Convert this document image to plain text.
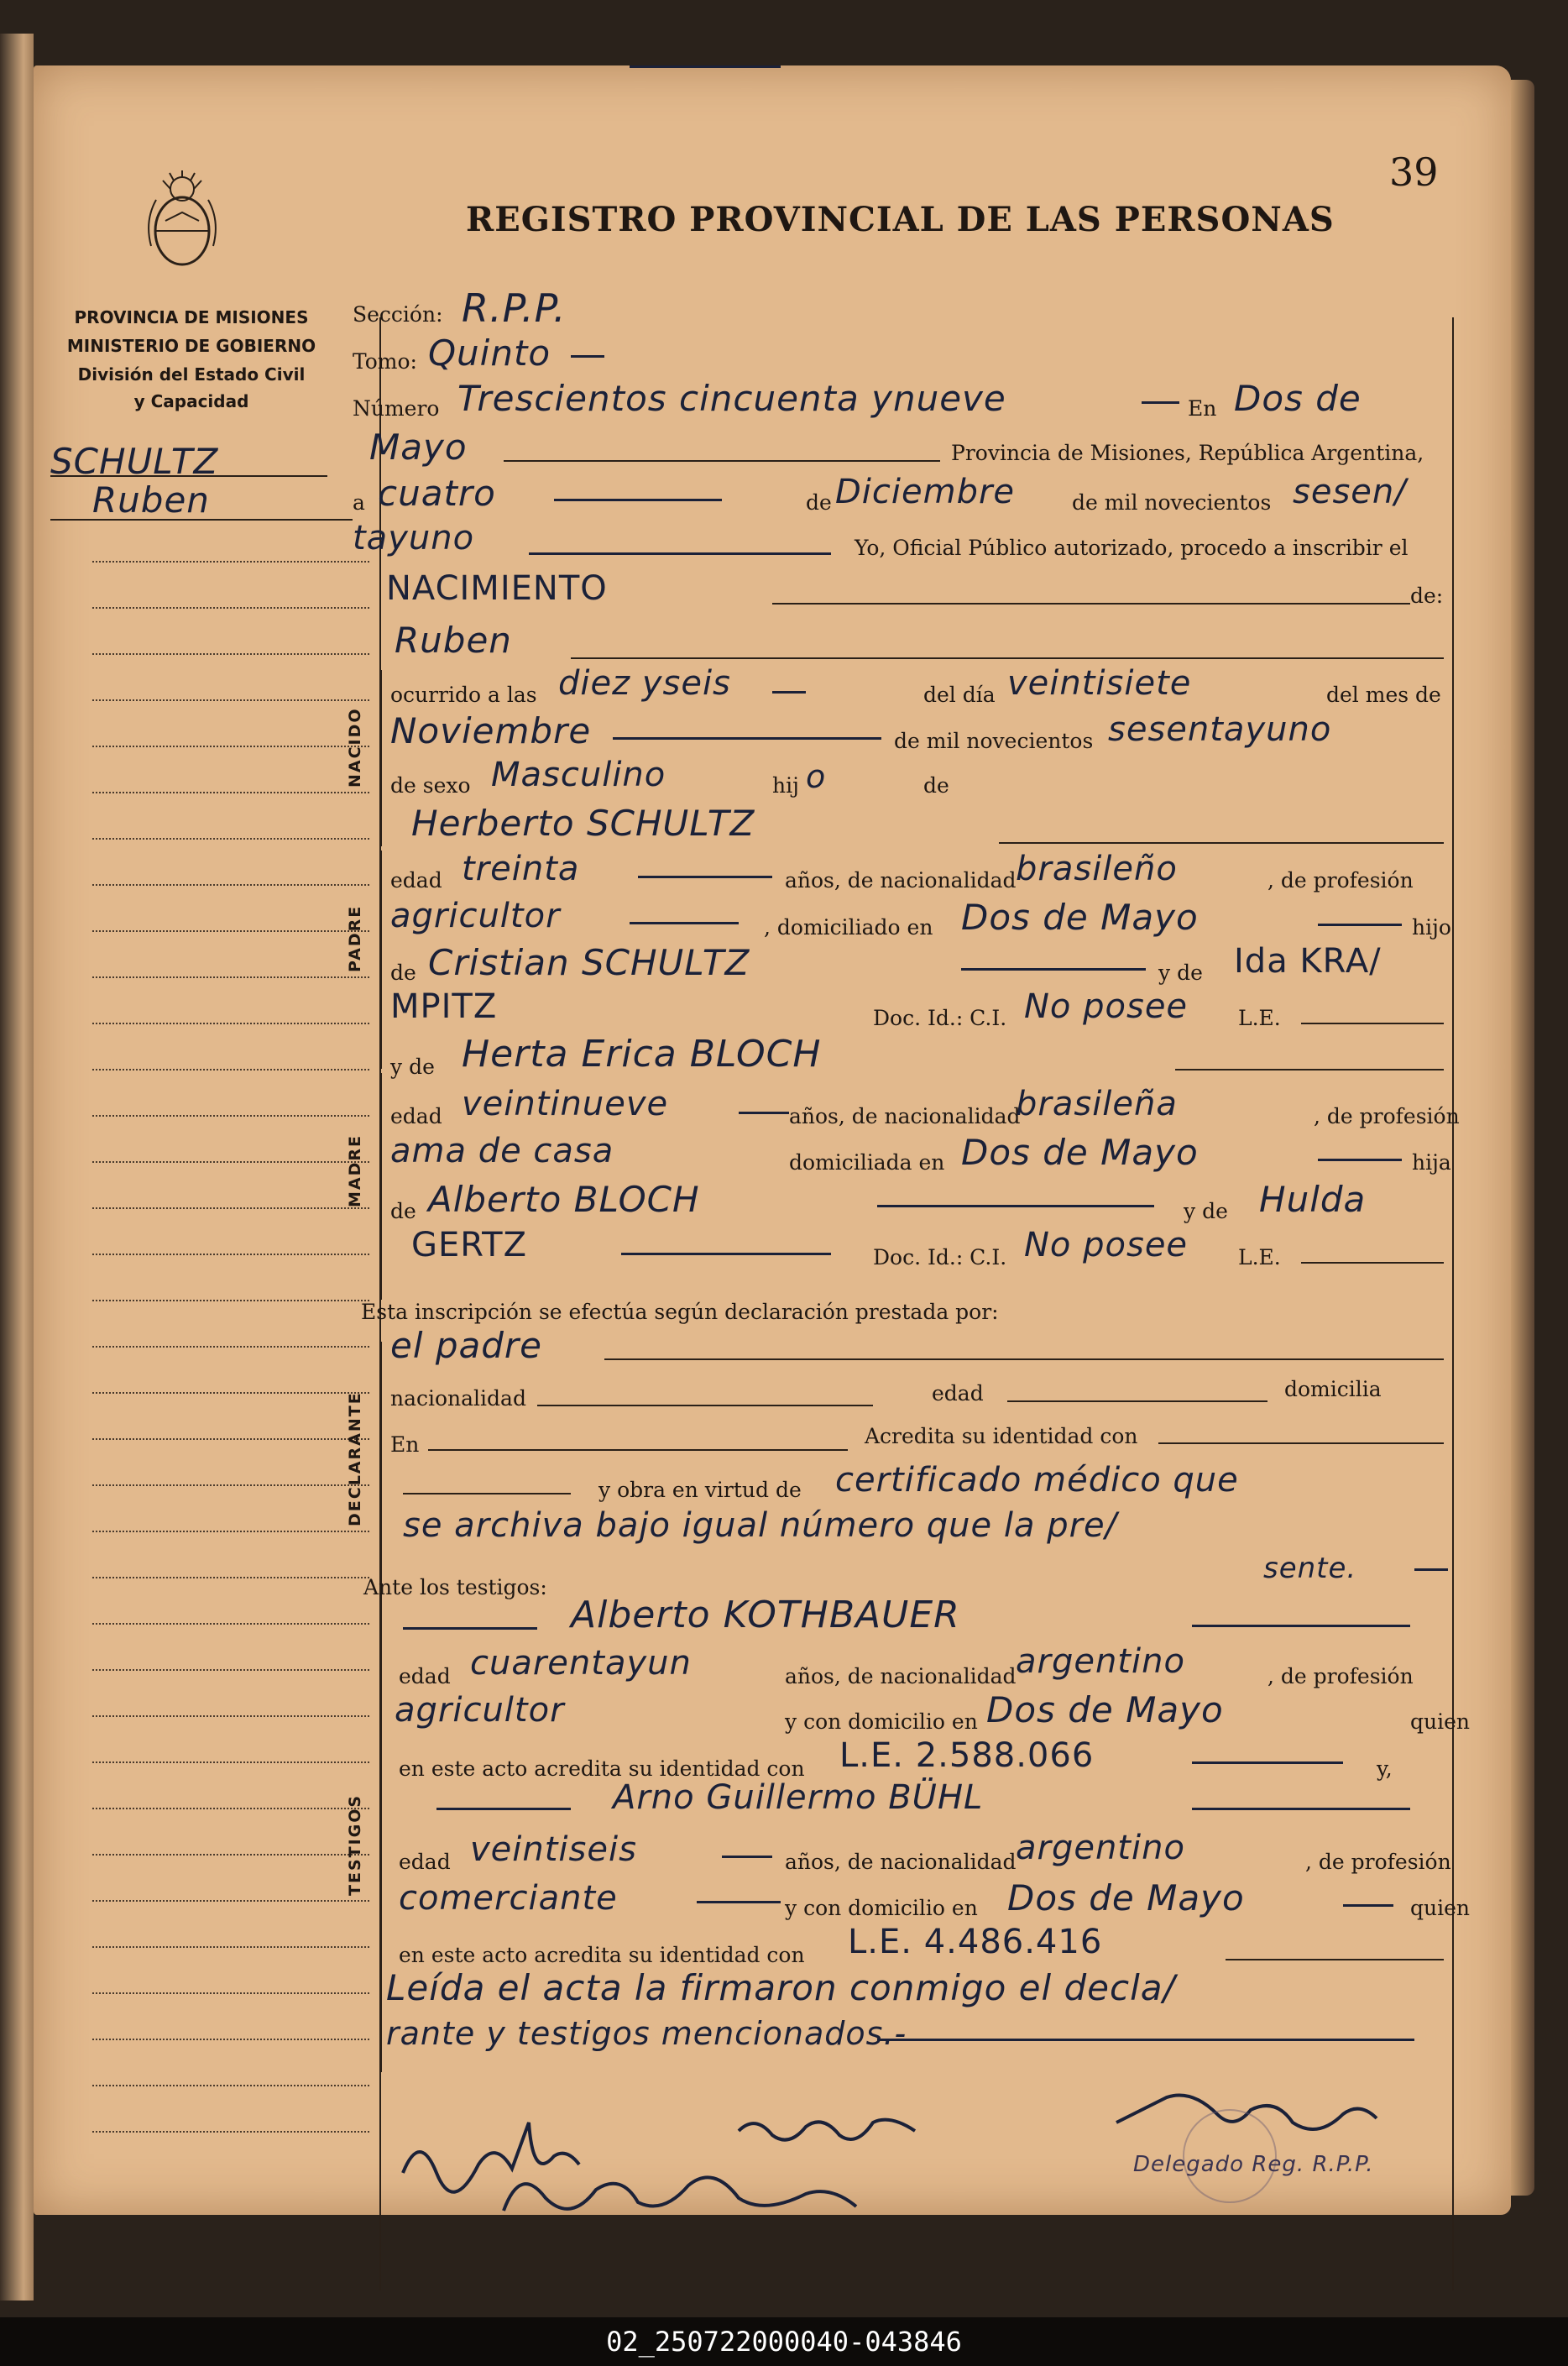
39
REGISTRO PROVINCIAL DE LAS PERSONAS
PROVINCIA DE MISIONES
MINISTERIO DE GOBIERNO
División del Estado Civil
y Capacidad
SCHULTZ
Ruben
Sección: R.P.P.
Tomo: Quinto
Número Trescientos cincuenta ynueve	En Dos de
Mayo	Provincia de Misiones, República Argentina,
a cuatro	de Diciembre	de mil novecientos sesen/
tayuno	Yo, Oficial Público autorizado, procedo a inscribir el
NACIMIENTO	de:
Ruben
NACIDO
ocurrido a las diez yseis	del día veintisiete	del mes de
Noviembre	de mil novecientos sesentayuno
de sexo Masculino	hij o	de
PADRE
Herberto SCHULTZ
edad treinta	años, de nacionalidad brasileño	, de profesión
agricultor	, domiciliado en Dos de Mayo	hijo
de Cristian SCHULTZ	y de Ida KRA/
MPITZ	Doc. Id.: C.I. No posee L.E.
MADRE
y de Herta Erica BLOCH
edad veintinueve	años, de nacionalidad
brasileña	, de profesión
ama de casa	domiciliada en Dos de Mayo	hija
de Alberto BLOCH	y de Hulda
GERTZ	Doc. Id.: C.I. No posee L.E.
Esta inscripción se efectúa según declaración prestada por:
DECLARANTE
el padre
nacionalidad	edad	domicilia
En	Acredita su identidad con
y obra en virtud de certificado médico que
se archiva bajo igual número que la pre/
sente.
Ante los testigos:
TESTIGOS
Alberto KOTHBAUER
edad cuarentayun	años, de nacionalidad argentino	, de profesión
agricultor	y con domicilio en Dos de Mayo	quien
en este acto acredita su identidad con L.E. 2.588.066	y,
Arno Guillermo BÜHL
edad veintiseis	años, de nacionalidad argentino	, de profesión
comerciante	y con domicilio en Dos de Mayo	quien
en este acto acredita su identidad con L.E. 4.486.416
Leída el acta la firmaron conmigo el decla/
rante y testigos mencionados.-
Delegado Reg. R.P.P.
02_250722000040-043846
